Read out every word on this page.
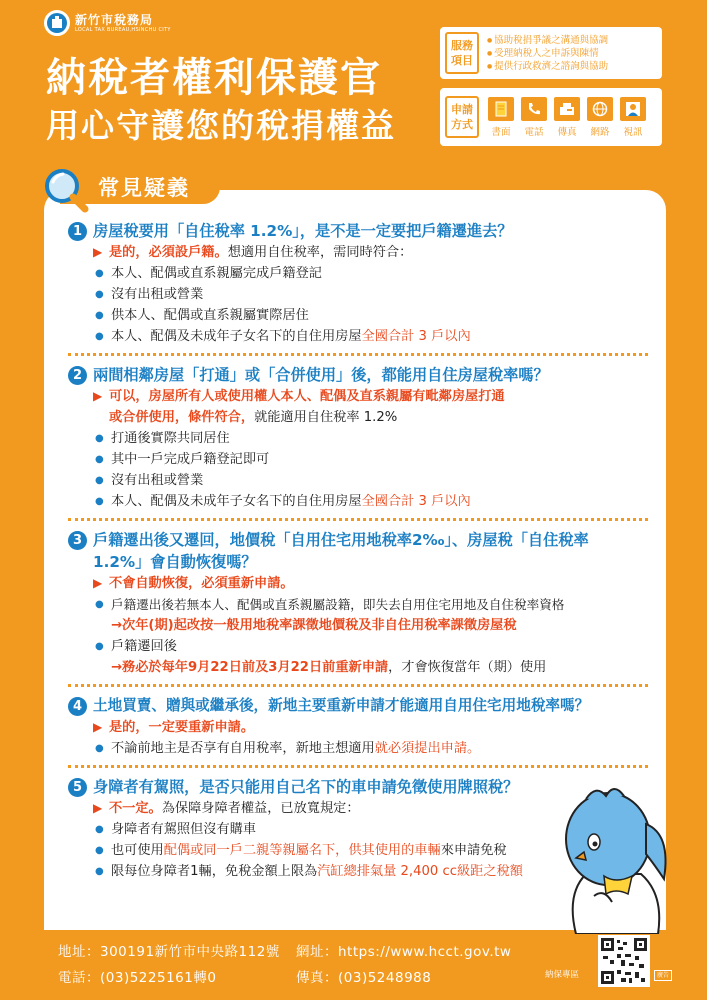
新竹市稅務局
LOCAL TAX BUREAU,HSINCHU CITY
納稅者權利保護官
用心守護您的稅捐權益
服務項目
● 協助稅捐爭議之溝通與協調
● 受理納稅人之申訴與陳情
● 提供行政救濟之諮詢與協助
申請方式
書面 電話 傳真 網路 視訊
1 房屋稅要用「自住稅率 1.2%」，是不是一定要把戶籍遷進去？
▶ 是的，必須設戶籍。想適用自住稅率，需同時符合：
● 本人、配偶或直系親屬完成戶籍登記
● 沒有出租或營業
● 供本人、配偶或直系親屬實際居住
● 本人、配偶及未成年子女名下的自住用房屋全國合計 3 戶以內
2 兩間相鄰房屋「打通」或「合併使用」後，都能用自住房屋稅率嗎？
▶ 可以，房屋所有人或使用權人本人、配偶及直系親屬有毗鄰房屋打通
或合併使用，條件符合，就能適用自住稅率 1.2%
● 打通後實際共同居住
● 其中一戶完成戶籍登記即可
● 沒有出租或營業
● 本人、配偶及未成年子女名下的自住用房屋全國合計 3 戶以內
3 戶籍遷出後又遷回，地價稅「自用住宅用地稅率2‰」、房屋稅「自住稅率
1.2%」會自動恢復嗎？
▶ 不會自動恢復，必須重新申請。
● 戶籍遷出後若無本人、配偶或直系親屬設籍，即失去自用住宅用地及自住稅率資格
→次年(期)起改按一般用地稅率課徵地價稅及非自住用稅率課徵房屋稅
● 戶籍遷回後
→務必於每年9月22日前及3月22日前重新申請，才會恢復當年（期）使用
4 土地買賣、贈與或繼承後，新地主要重新申請才能適用自用住宅用地稅率嗎？
▶ 是的，一定要重新申請。
● 不論前地主是否享有自用稅率，新地主想適用就必須提出申請。
5 身障者有駕照，是否只能用自己名下的車申請免徵使用牌照稅？
▶ 不一定。為保障身障者權益，已放寬規定：
● 身障者有駕照但沒有購車
● 也可使用配偶或同一戶二親等親屬名下，供其使用的車輛來申請免稅
● 限每位身障者1輛，免稅金額上限為汽缸總排氣量 2,400 cc級距之稅額
常見疑義
地址：300191新竹市中央路112號 網址：https://www.hcct.gov.tw
電話：(03)5225161轉0	傳真：(03)5248988	納保專區	廣告
